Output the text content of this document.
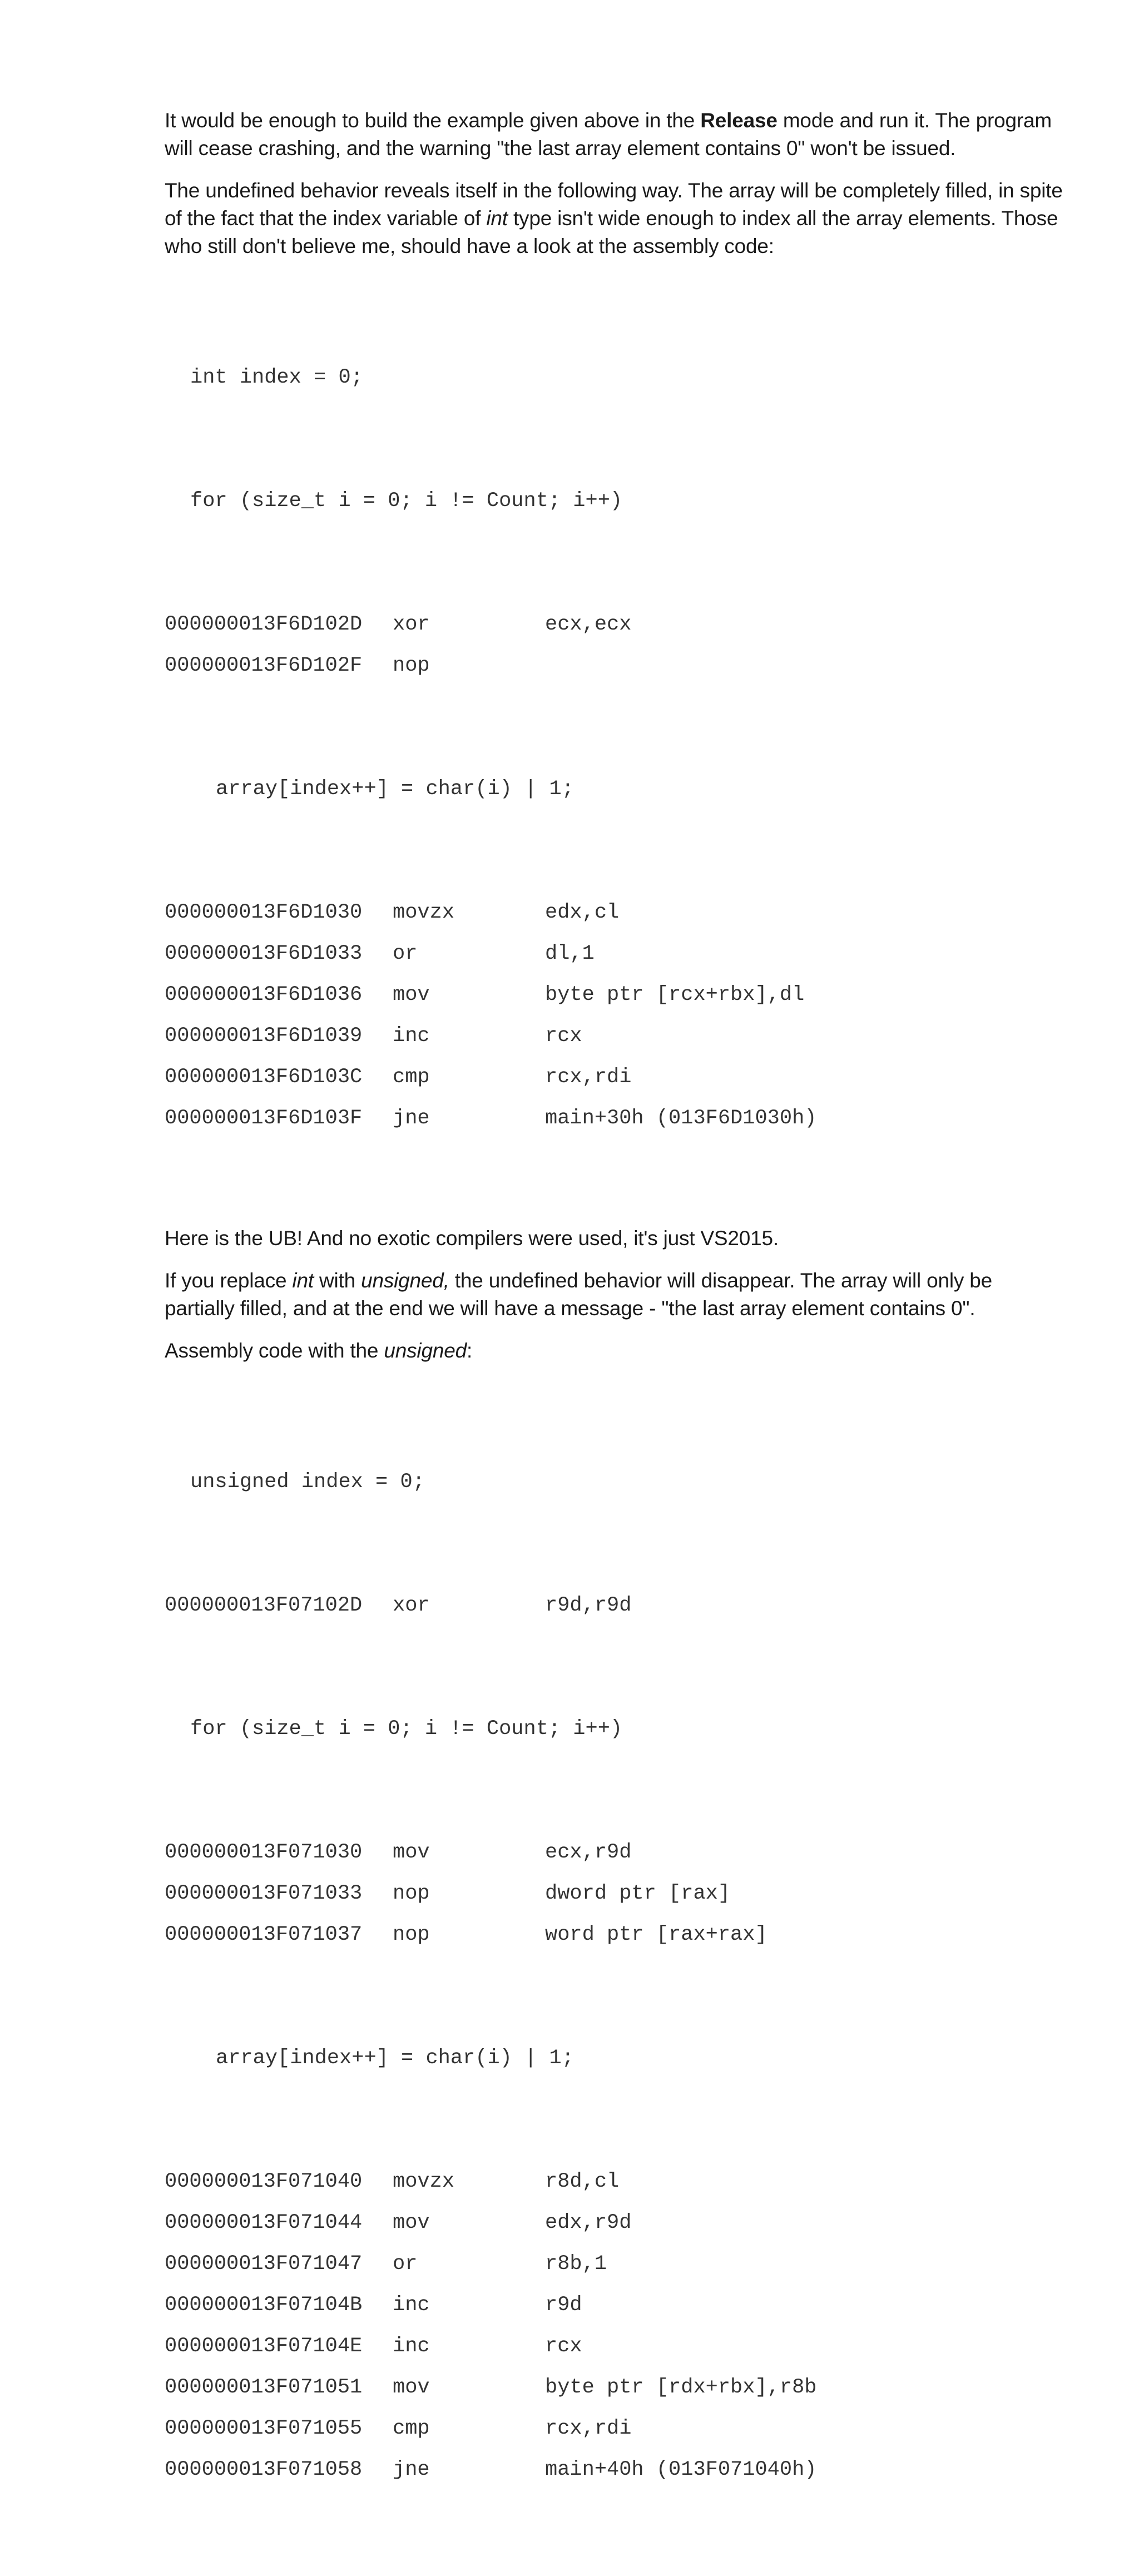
It would be enough to build the example given above in the Release mode and run it. The program will cease crashing, and the warning "the last array element contains 0" won't be issued.

The undefined behavior reveals itself in the following way. The array will be completely filled, in spite of the fact that the index variable of int type isn't wide enough to index all the array elements. Those who still don't believe me, should have a look at the assembly code:

int index = 0;

for (size_t i = 0; i != Count; i++)

000000013F6D102D	xor	ecx,ecx
000000013F6D102F	nop

array[index++] = char(i) | 1;

000000013F6D1030	movzx	edx,cl
000000013F6D1033	or	dl,1
000000013F6D1036	mov	byte ptr [rcx+rbx],dl
000000013F6D1039	inc	rcx
000000013F6D103C	cmp	rcx,rdi
000000013F6D103F	jne	main+30h (013F6D1030h)

Here is the UB! And no exotic compilers were used, it's just VS2015.

If you replace int with unsigned, the undefined behavior will disappear. The array will only be partially filled, and at the end we will have a message - "the last array element contains 0".

Assembly code with the unsigned:

unsigned index = 0;

000000013F07102D	xor	r9d,r9d

for (size_t i = 0; i != Count; i++)

000000013F071030	mov	ecx,r9d
000000013F071033	nop	dword ptr [rax]
000000013F071037	nop	word ptr [rax+rax]

array[index++] = char(i) | 1;

000000013F071040	movzx	r8d,cl
000000013F071044	mov	edx,r9d
000000013F071047	or	r8b,1
000000013F07104B	inc	r9d
000000013F07104E	inc	rcx
000000013F071051	mov	byte ptr [rdx+rbx],r8b
000000013F071055	cmp	rcx,rdi
000000013F071058	jne	main+40h (013F071040h)
